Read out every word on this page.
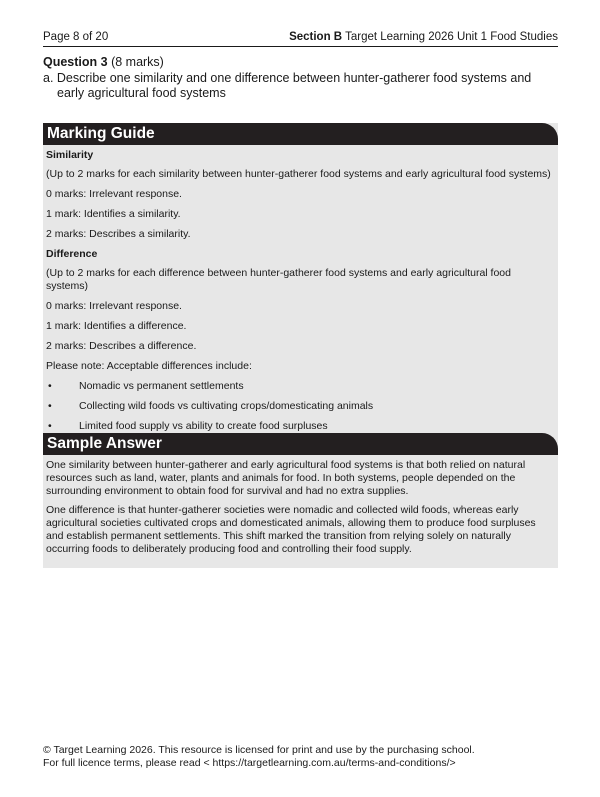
Page 8 of 20	Section B Target Learning 2026 Unit 1 Food Studies
Question 3 (8 marks)
a. Describe one similarity and one difference between hunter-gatherer food systems and early agricultural food systems
Marking Guide

Similarity

(Up to 2 marks for each similarity between hunter-gatherer food systems and early agricultural food systems)

0 marks: Irrelevant response.

1 mark: Identifies a similarity.

2 marks: Describes a similarity.

Difference

(Up to 2 marks for each difference between hunter-gatherer food systems and early agricultural food systems)

0 marks: Irrelevant response.

1 mark: Identifies a difference.

2 marks: Describes a difference.

Please note: Acceptable differences include:

•	Nomadic vs permanent settlements
•	Collecting wild foods vs cultivating crops/domesticating animals
•	Limited food supply vs ability to create food surpluses
Sample Answer

One similarity between hunter-gatherer and early agricultural food systems is that both relied on natural resources such as land, water, plants and animals for food. In both systems, people depended on the surrounding environment to obtain food for survival and had no extra supplies.

One difference is that hunter-gatherer societies were nomadic and collected wild foods, whereas early agricultural societies cultivated crops and domesticated animals, allowing them to produce food surpluses and establish permanent settlements. This shift marked the transition from relying solely on naturally occurring foods to deliberately producing food and controlling their food supply.

© Target Learning 2026. This resource is licensed for print and use by the purchasing school.
For full licence terms, please read < https://targetlearning.com.au/terms-and-conditions/>
